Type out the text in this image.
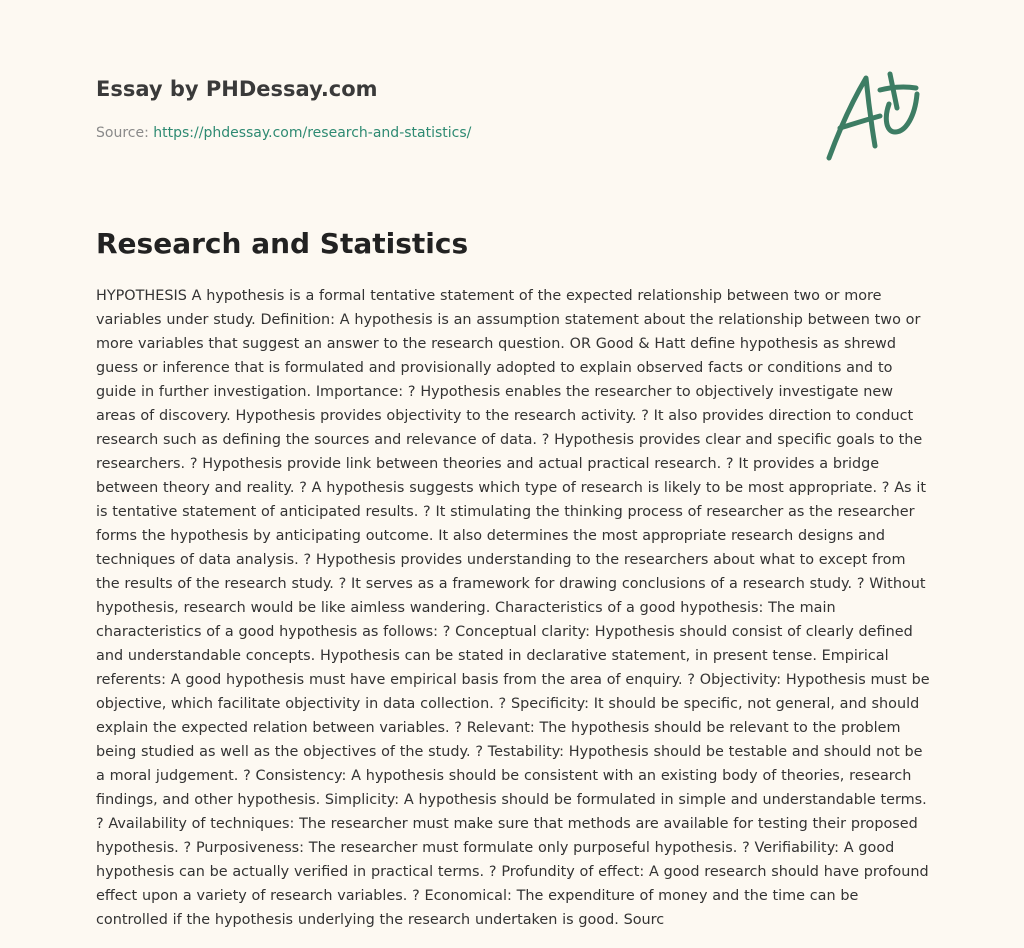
Essay by PHDessay.com
Source: https://phdessay.com/research-and-statistics/
Research and Statistics

HYPOTHESIS A hypothesis is a formal tentative statement of the expected relationship between two or more variables under study. Definition: A hypothesis is an assumption statement about the relationship between two or more variables that suggest an answer to the research question. OR Good & Hatt define hypothesis as shrewd guess or inference that is formulated and provisionally adopted to explain observed facts or conditions and to guide in further investigation. Importance: ? Hypothesis enables the researcher to objectively investigate new areas of discovery. Hypothesis provides objectivity to the research activity. ? It also provides direction to conduct research such as defining the sources and relevance of data. ? Hypothesis provides clear and specific goals to the researchers. ? Hypothesis provide link between theories and actual practical research. ? It provides a bridge between theory and reality. ? A hypothesis suggests which type of research is likely to be most appropriate. ? As it is tentative statement of anticipated results. ? It stimulating the thinking process of researcher as the researcher forms the hypothesis by anticipating outcome. It also determines the most appropriate research designs and techniques of data analysis. ? Hypothesis provides understanding to the researchers about what to except from the results of the research study. ? It serves as a framework for drawing conclusions of a research study. ? Without hypothesis, research would be like aimless wandering. Characteristics of a good hypothesis: The main characteristics of a good hypothesis as follows: ? Conceptual clarity: Hypothesis should consist of clearly defined and understandable concepts. Hypothesis can be stated in declarative statement, in present tense. Empirical referents: A good hypothesis must have empirical basis from the area of enquiry. ? Objectivity: Hypothesis must be objective, which facilitate objectivity in data collection. ? Specificity: It should be specific, not general, and should explain the expected relation between variables. ? Relevant: The hypothesis should be relevant to the problem being studied as well as the objectives of the study. ? Testability: Hypothesis should be testable and should not be a moral judgement. ? Consistency: A hypothesis should be consistent with an existing body of theories, research findings, and other hypothesis. Simplicity: A hypothesis should be formulated in simple and understandable terms. ? Availability of techniques: The researcher must make sure that methods are available for testing their proposed hypothesis. ? Purposiveness: The researcher must formulate only purposeful hypothesis. ? Verifiability: A good hypothesis can be actually verified in practical terms. ? Profundity of effect: A good research should have profound effect upon a variety of research variables. ? Economical: The expenditure of money and the time can be controlled if the hypothesis underlying the research undertaken is good. Sourc
